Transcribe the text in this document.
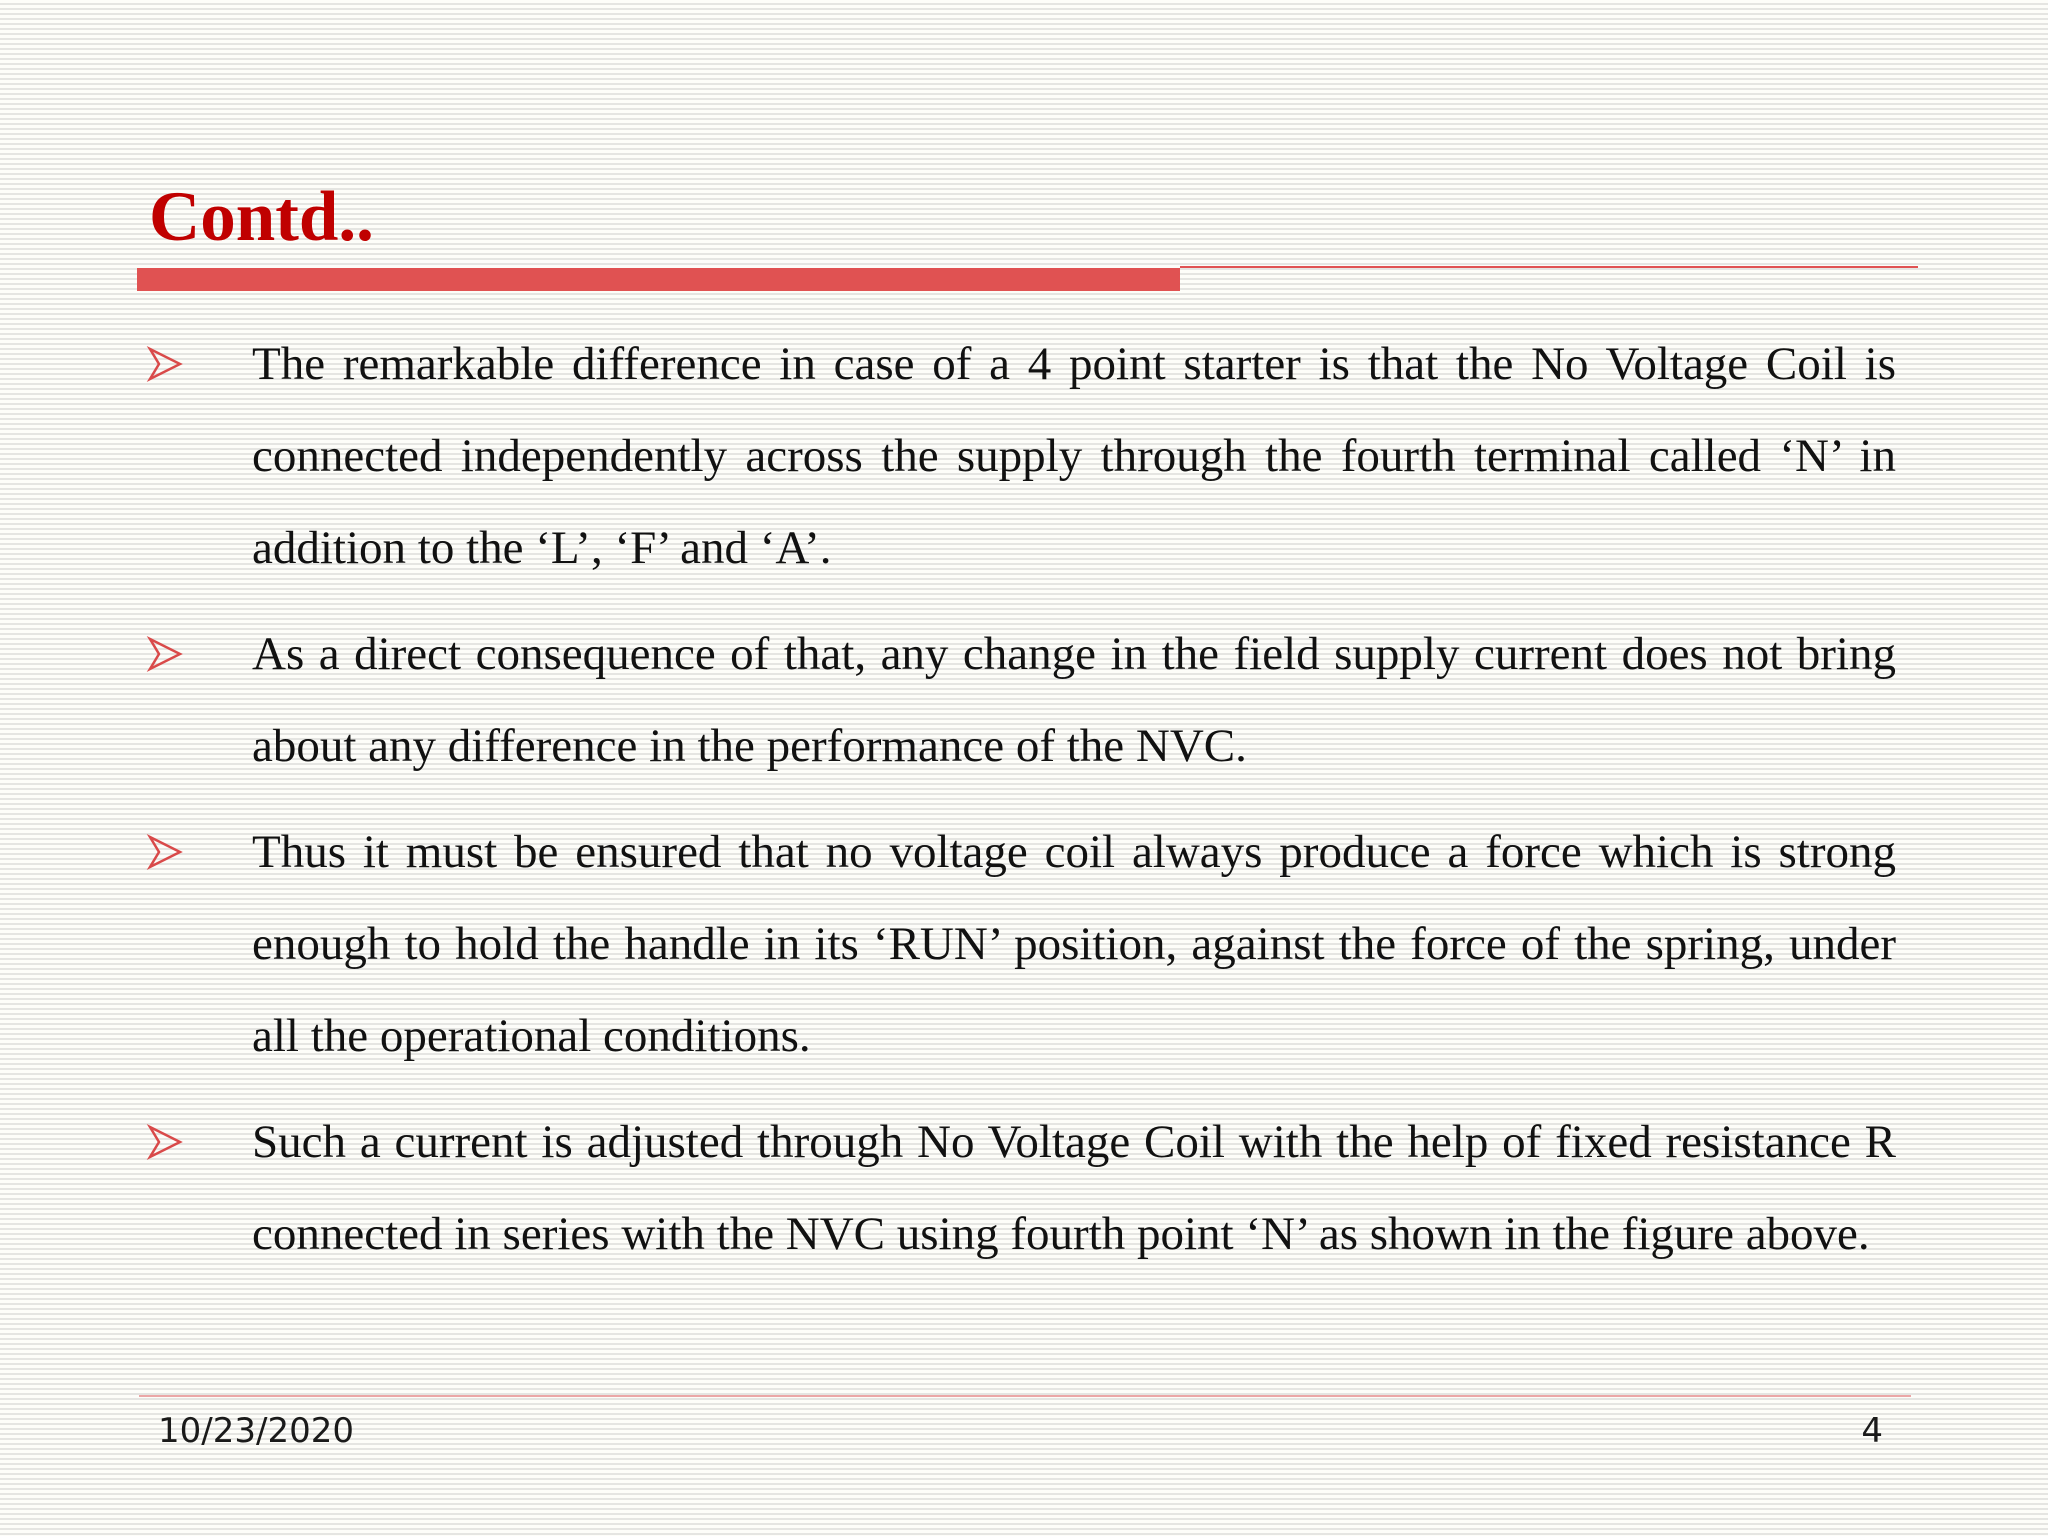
Contd..
The remarkable difference in case of a 4 point starter is that the No Voltage Coil is connected independently across the supply through the fourth terminal called ‘N’ in addition to the ‘L’, ‘F’ and ‘A’.
As a direct consequence of that, any change in the field supply current does not bring about any difference in the performance of the NVC.
Thus it must be ensured that no voltage coil always produce a force which is strong enough to hold the handle in its ‘RUN’ position, against the force of the spring, under all the operational conditions.
Such a current is adjusted through No Voltage Coil with the help of fixed resistance R connected in series with the NVC using fourth point ‘N’ as shown in the figure above.
10/23/2020	4
